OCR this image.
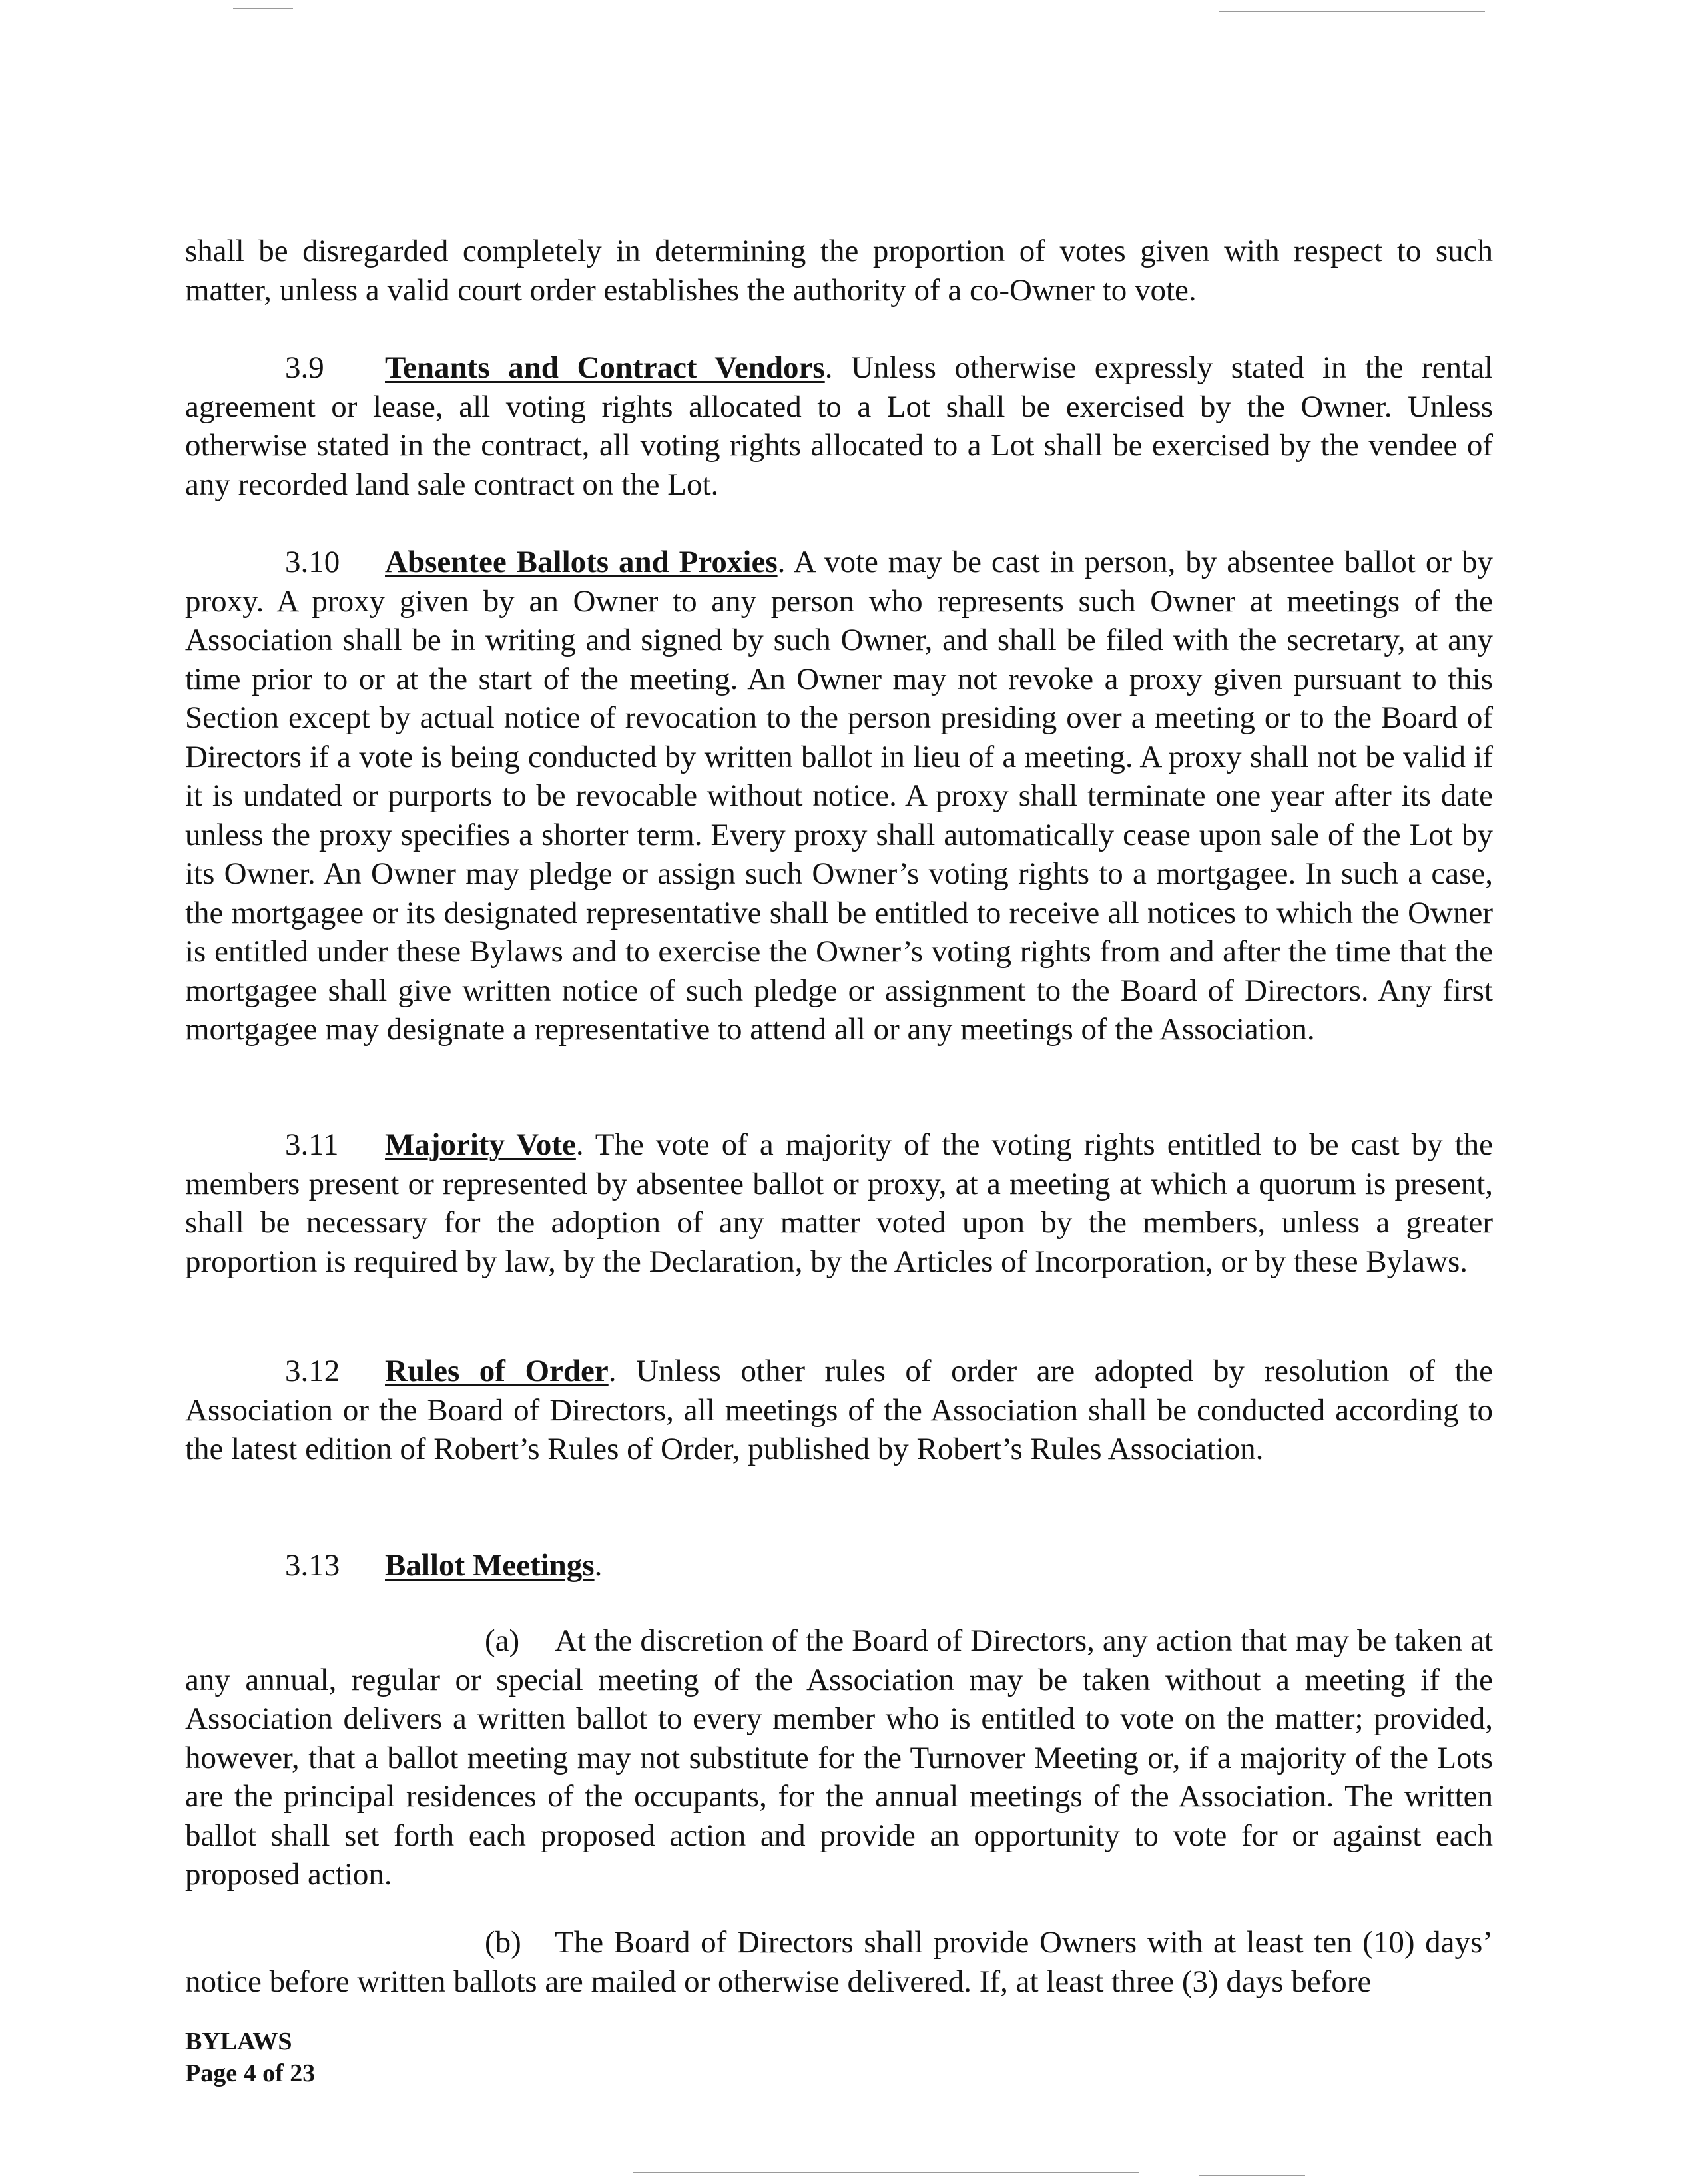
shall be disregarded completely in determining the proportion of votes given with respect to such matter, unless a valid court order establishes the authority of a co-Owner to vote.

3.9 Tenants and Contract Vendors. Unless otherwise expressly stated in the rental agreement or lease, all voting rights allocated to a Lot shall be exercised by the Owner. Unless otherwise stated in the contract, all voting rights allocated to a Lot shall be exercised by the vendee of any recorded land sale contract on the Lot.

3.10 Absentee Ballots and Proxies. A vote may be cast in person, by absentee ballot or by proxy. A proxy given by an Owner to any person who represents such Owner at meetings of the Association shall be in writing and signed by such Owner, and shall be filed with the secretary, at any time prior to or at the start of the meeting. An Owner may not revoke a proxy given pursuant to this Section except by actual notice of revocation to the person presiding over a meeting or to the Board of Directors if a vote is being conducted by written ballot in lieu of a meeting. A proxy shall not be valid if it is undated or purports to be revocable without notice. A proxy shall terminate one year after its date unless the proxy specifies a shorter term. Every proxy shall automatically cease upon sale of the Lot by its Owner. An Owner may pledge or assign such Owner’s voting rights to a mortgagee. In such a case, the mortgagee or its designated representative shall be entitled to receive all notices to which the Owner is entitled under these Bylaws and to exercise the Owner’s voting rights from and after the time that the mortgagee shall give written notice of such pledge or assignment to the Board of Directors. Any first mortgagee may designate a representative to attend all or any meetings of the Association.

3.11 Majority Vote. The vote of a majority of the voting rights entitled to be cast by the members present or represented by absentee ballot or proxy, at a meeting at which a quorum is present, shall be necessary for the adoption of any matter voted upon by the members, unless a greater proportion is required by law, by the Declaration, by the Articles of Incorporation, or by these Bylaws.

3.12 Rules of Order. Unless other rules of order are adopted by resolution of the Association or the Board of Directors, all meetings of the Association shall be conducted according to the latest edition of Robert’s Rules of Order, published by Robert’s Rules Association.

3.13 Ballot Meetings.

(a) At the discretion of the Board of Directors, any action that may be taken at any annual, regular or special meeting of the Association may be taken without a meeting if the Association delivers a written ballot to every member who is entitled to vote on the matter; provided, however, that a ballot meeting may not substitute for the Turnover Meeting or, if a majority of the Lots are the principal residences of the occupants, for the annual meetings of the Association. The written ballot shall set forth each proposed action and provide an opportunity to vote for or against each proposed action.

(b) The Board of Directors shall provide Owners with at least ten (10) days’ notice before written ballots are mailed or otherwise delivered. If, at least three (3) days before

BYLAWS
Page 4 of 23
